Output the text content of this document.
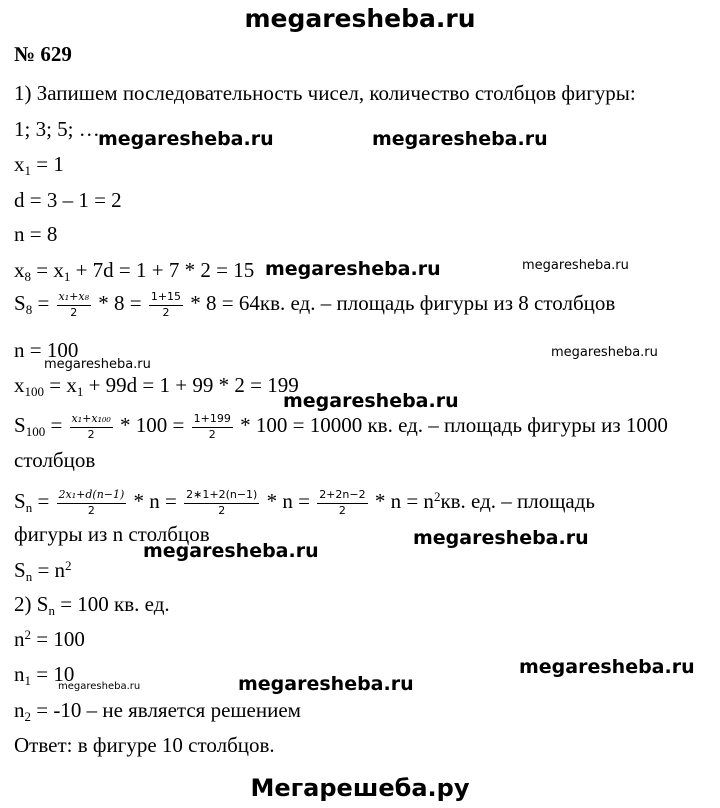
megaresheba.ru
№ 629
1) Запишем последовательность чисел, количество столбцов фигуры:
1; 3; 5; …
$x_1 = 1$
d = 3 – 1 = 2
n = 8
$x_8 = x_1 + 7d = 1 + 7 * 2 = 15$
$S_8 = \frac{\text{x₁+x₈}}{2} * 8 = \frac{1+15}{2} * 8 = 64кв$. ед. – площадь фигуры из 8 столбцов
n = 100
$x_{100} = x_1 + 99d = 1 + 99 * 2 = 199$
$S_{100} = \frac{\text{x₁+x₁₀₀}}{2} * 100 = \frac{1+199}{2} * 100 = 10000$ кв. ед. – площадь фигуры из 1000
столбцов
$S_n = \frac{\text{2x₁+d(n−1)}}{2} * n = \frac{2∗1+2(n-1)}{2} * n = \frac{2+2n-2}{2} * n = n^2кв$. ед. – площадь
фигуры из n столбцов
$S_n = n^2$
2) $S_n = 100$ кв. ед.
$n^2 = 100$
$n_1 = 10$
$n_2 = -10$ – не является решением
Ответ: в фигуре 10 столбцов.
Мегарешеба.ру
megaresheba.ru	megaresheba.ru
megaresheba.ru	megaresheba.ru
megaresheba.ru
megaresheba.ru
megaresheba.ru
megaresheba.ru
megaresheba.ru
megaresheba.ru
megaresheba.ru
megaresheba.ru
